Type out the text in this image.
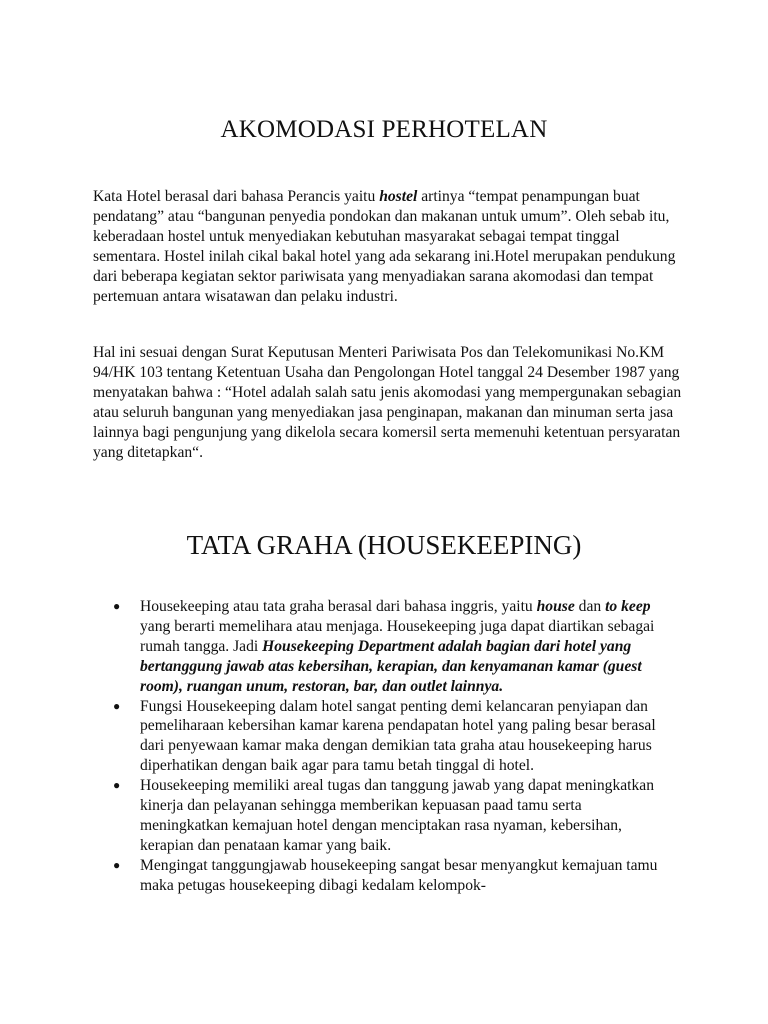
AKOMODASI PERHOTELAN

Kata Hotel berasal dari bahasa Perancis yaitu hostel artinya “tempat penampungan buat pendatang” atau “bangunan penyedia pondokan dan makanan untuk umum”. Oleh sebab itu, keberadaan hostel untuk menyediakan kebutuhan masyarakat sebagai tempat tinggal sementara. Hostel inilah cikal bakal hotel yang ada sekarang ini.Hotel merupakan pendukung dari beberapa kegiatan sektor pariwisata yang menyadiakan sarana akomodasi dan tempat pertemuan antara wisatawan dan pelaku industri.

Hal ini sesuai dengan Surat Keputusan Menteri Pariwisata Pos dan Telekomunikasi No.KM 94/HK 103 tentang Ketentuan Usaha dan Pengolongan Hotel tanggal 24 Desember 1987 yang menyatakan bahwa : “Hotel adalah salah satu jenis akomodasi yang mempergunakan sebagian atau seluruh bangunan yang menyediakan jasa penginapan, makanan dan minuman serta jasa lainnya bagi pengunjung yang dikelola secara komersil serta memenuhi ketentuan persyaratan yang ditetapkan“.

TATA GRAHA (HOUSEKEEPING)
● Housekeeping atau tata graha berasal dari bahasa inggris, yaitu house dan to keep yang berarti memelihara atau menjaga. Housekeeping juga dapat diartikan sebagai rumah tangga. Jadi Housekeeping Department adalah bagian dari hotel yang bertanggung jawab atas kebersihan, kerapian, dan kenyamanan kamar (guest room), ruangan unum, restoran, bar, dan outlet lainnya.
● Fungsi Housekeeping dalam hotel sangat penting demi kelancaran penyiapan dan pemeliharaan kebersihan kamar karena pendapatan hotel yang paling besar berasal dari penyewaan kamar maka dengan demikian tata graha atau housekeeping harus diperhatikan dengan baik agar para tamu betah tinggal di hotel.
● Housekeeping memiliki areal tugas dan tanggung jawab yang dapat meningkatkan kinerja dan pelayanan sehingga memberikan kepuasan paad tamu serta meningkatkan kemajuan hotel dengan menciptakan rasa nyaman, kebersihan, kerapian dan penataan kamar yang baik.
● Mengingat tanggungjawab housekeeping sangat besar menyangkut kemajuan tamu maka petugas housekeeping dibagi kedalam kelompok-
